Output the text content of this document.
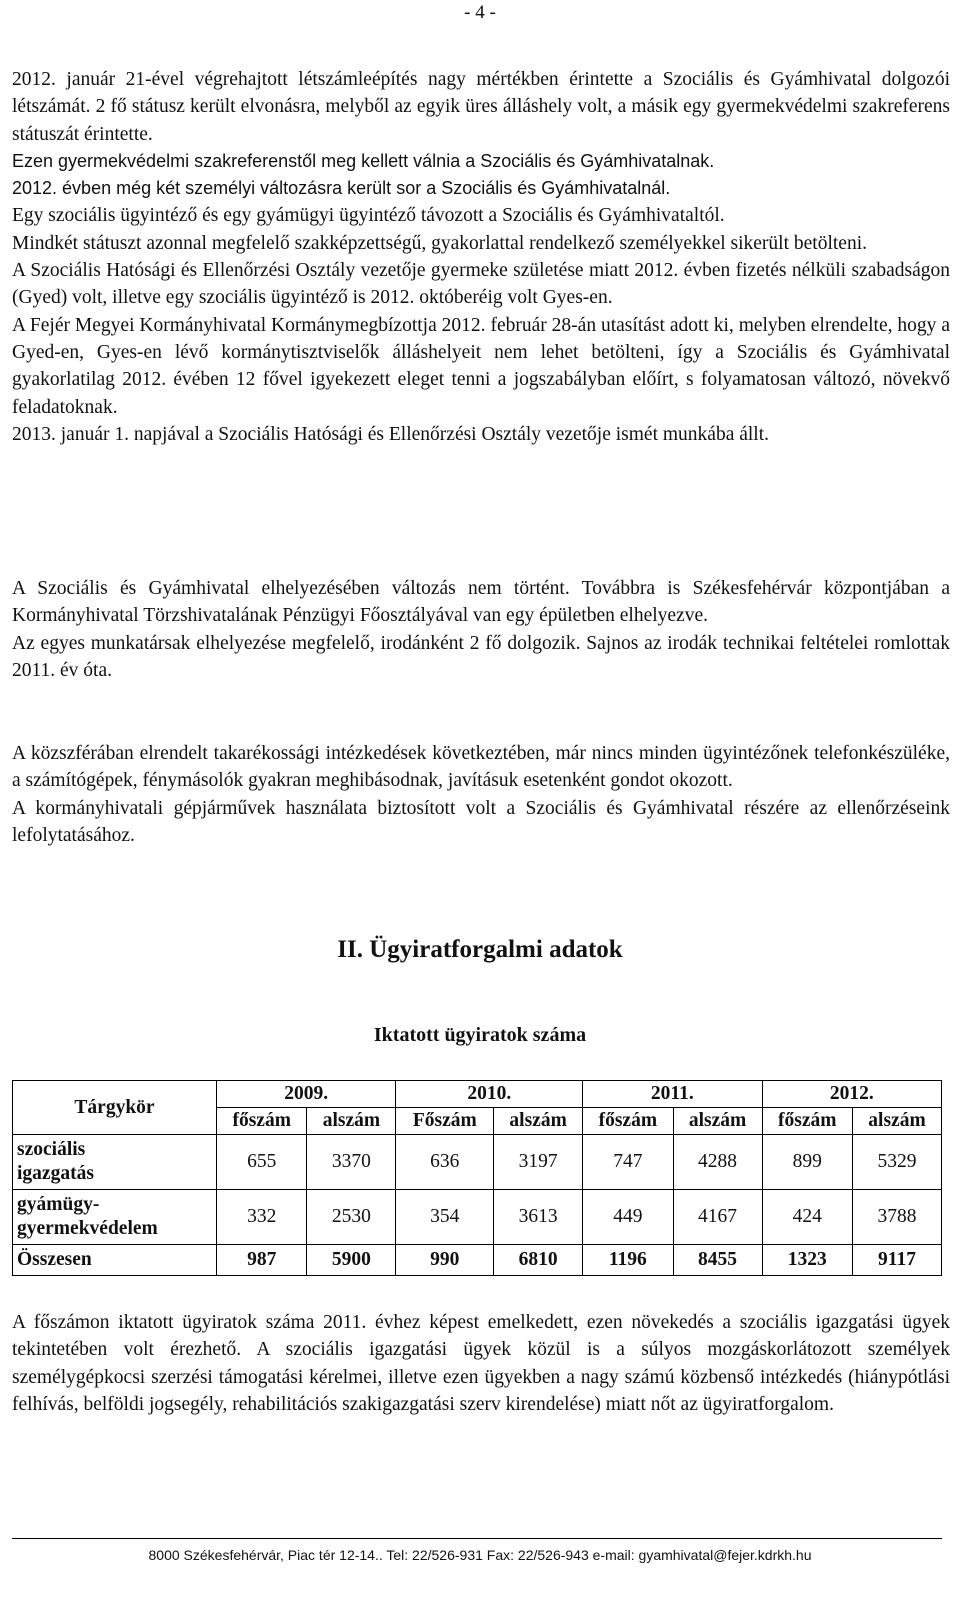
- 4 -

2012. január 21-ével végrehajtott létszámleépítés nagy mértékben érintette a Szociális és Gyámhivatal dolgozói létszámát. 2 fő státusz került elvonásra, melyből az egyik üres álláshely volt, a másik egy gyermekvédelmi szakreferens státuszát érintette.

Ezen gyermekvédelmi szakreferenstől meg kellett válnia a Szociális és Gyámhivatalnak.

2012. évben még két személyi változásra került sor a Szociális és Gyámhivatalnál.

Egy szociális ügyintéző és egy gyámügyi ügyintéző távozott a Szociális és Gyámhivataltól.

Mindkét státuszt azonnal megfelelő szakképzettségű, gyakorlattal rendelkező személyekkel sikerült betölteni.

A Szociális Hatósági és Ellenőrzési Osztály vezetője gyermeke születése miatt 2012. évben fizetés nélküli szabadságon (Gyed) volt, illetve egy szociális ügyintéző is 2012. októberéig volt Gyes-en.

A Fejér Megyei Kormányhivatal Kormánymegbízottja 2012. február 28-án utasítást adott ki, melyben elrendelte, hogy a Gyed-en, Gyes-en lévő kormánytisztviselők álláshelyeit nem lehet betölteni, így a Szociális és Gyámhivatal gyakorlatilag 2012. évében 12 fővel igyekezett eleget tenni a jogszabályban előírt, s folyamatosan változó, növekvő feladatoknak.

2013. január 1. napjával a Szociális Hatósági és Ellenőrzési Osztály vezetője ismét munkába állt.

A Szociális és Gyámhivatal elhelyezésében változás nem történt. Továbbra is Székesfehérvár központjában a Kormányhivatal Törzshivatalának Pénzügyi Főosztályával van egy épületben elhelyezve.

Az egyes munkatársak elhelyezése megfelelő, irodánként 2 fő dolgozik. Sajnos az irodák technikai feltételei romlottak 2011. év óta.

A közszférában elrendelt takarékossági intézkedések következtében, már nincs minden ügyintézőnek telefonkészüléke, a számítógépek, fénymásolók gyakran meghibásodnak, javításuk esetenként gondot okozott.

A kormányhivatali gépjárművek használata biztosított volt a Szociális és Gyámhivatal részére az ellenőrzéseink lefolytatásához.

II. Ügyiratforgalmi adatok
Iktatott ügyiratok száma
Tárgykör	2009.		2010.		2011.		2012.	
	főszám	alszám	Főszám	alszám	főszám	alszám	főszám	alszám
szociális
igazgatás	655	3370	636	3197	747	4288	899	5329
gyámügy-
gyermekvédelem	332	2530	354	3613	449	4167	424	3788
Összesen	987	5900	990	6810	1196	8455	1323	9117

A főszámon iktatott ügyiratok száma 2011. évhez képest emelkedett, ezen növekedés a szociális igazgatási ügyek tekintetében volt érezhető. A szociális igazgatási ügyek közül is a súlyos mozgáskorlátozott személyek személygépkocsi szerzési támogatási kérelmei, illetve ezen ügyekben a nagy számú közbenső intézkedés (hiánypótlási felhívás, belföldi jogsegély, rehabilitációs szakigazgatási szerv kirendelése) miatt nőt az ügyiratforgalom.

8000 Székesfehérvár, Piac tér 12-14.. Tel: 22/526-931 Fax: 22/526-943 e-mail: gyamhivatal@fejer.kdrkh.hu
